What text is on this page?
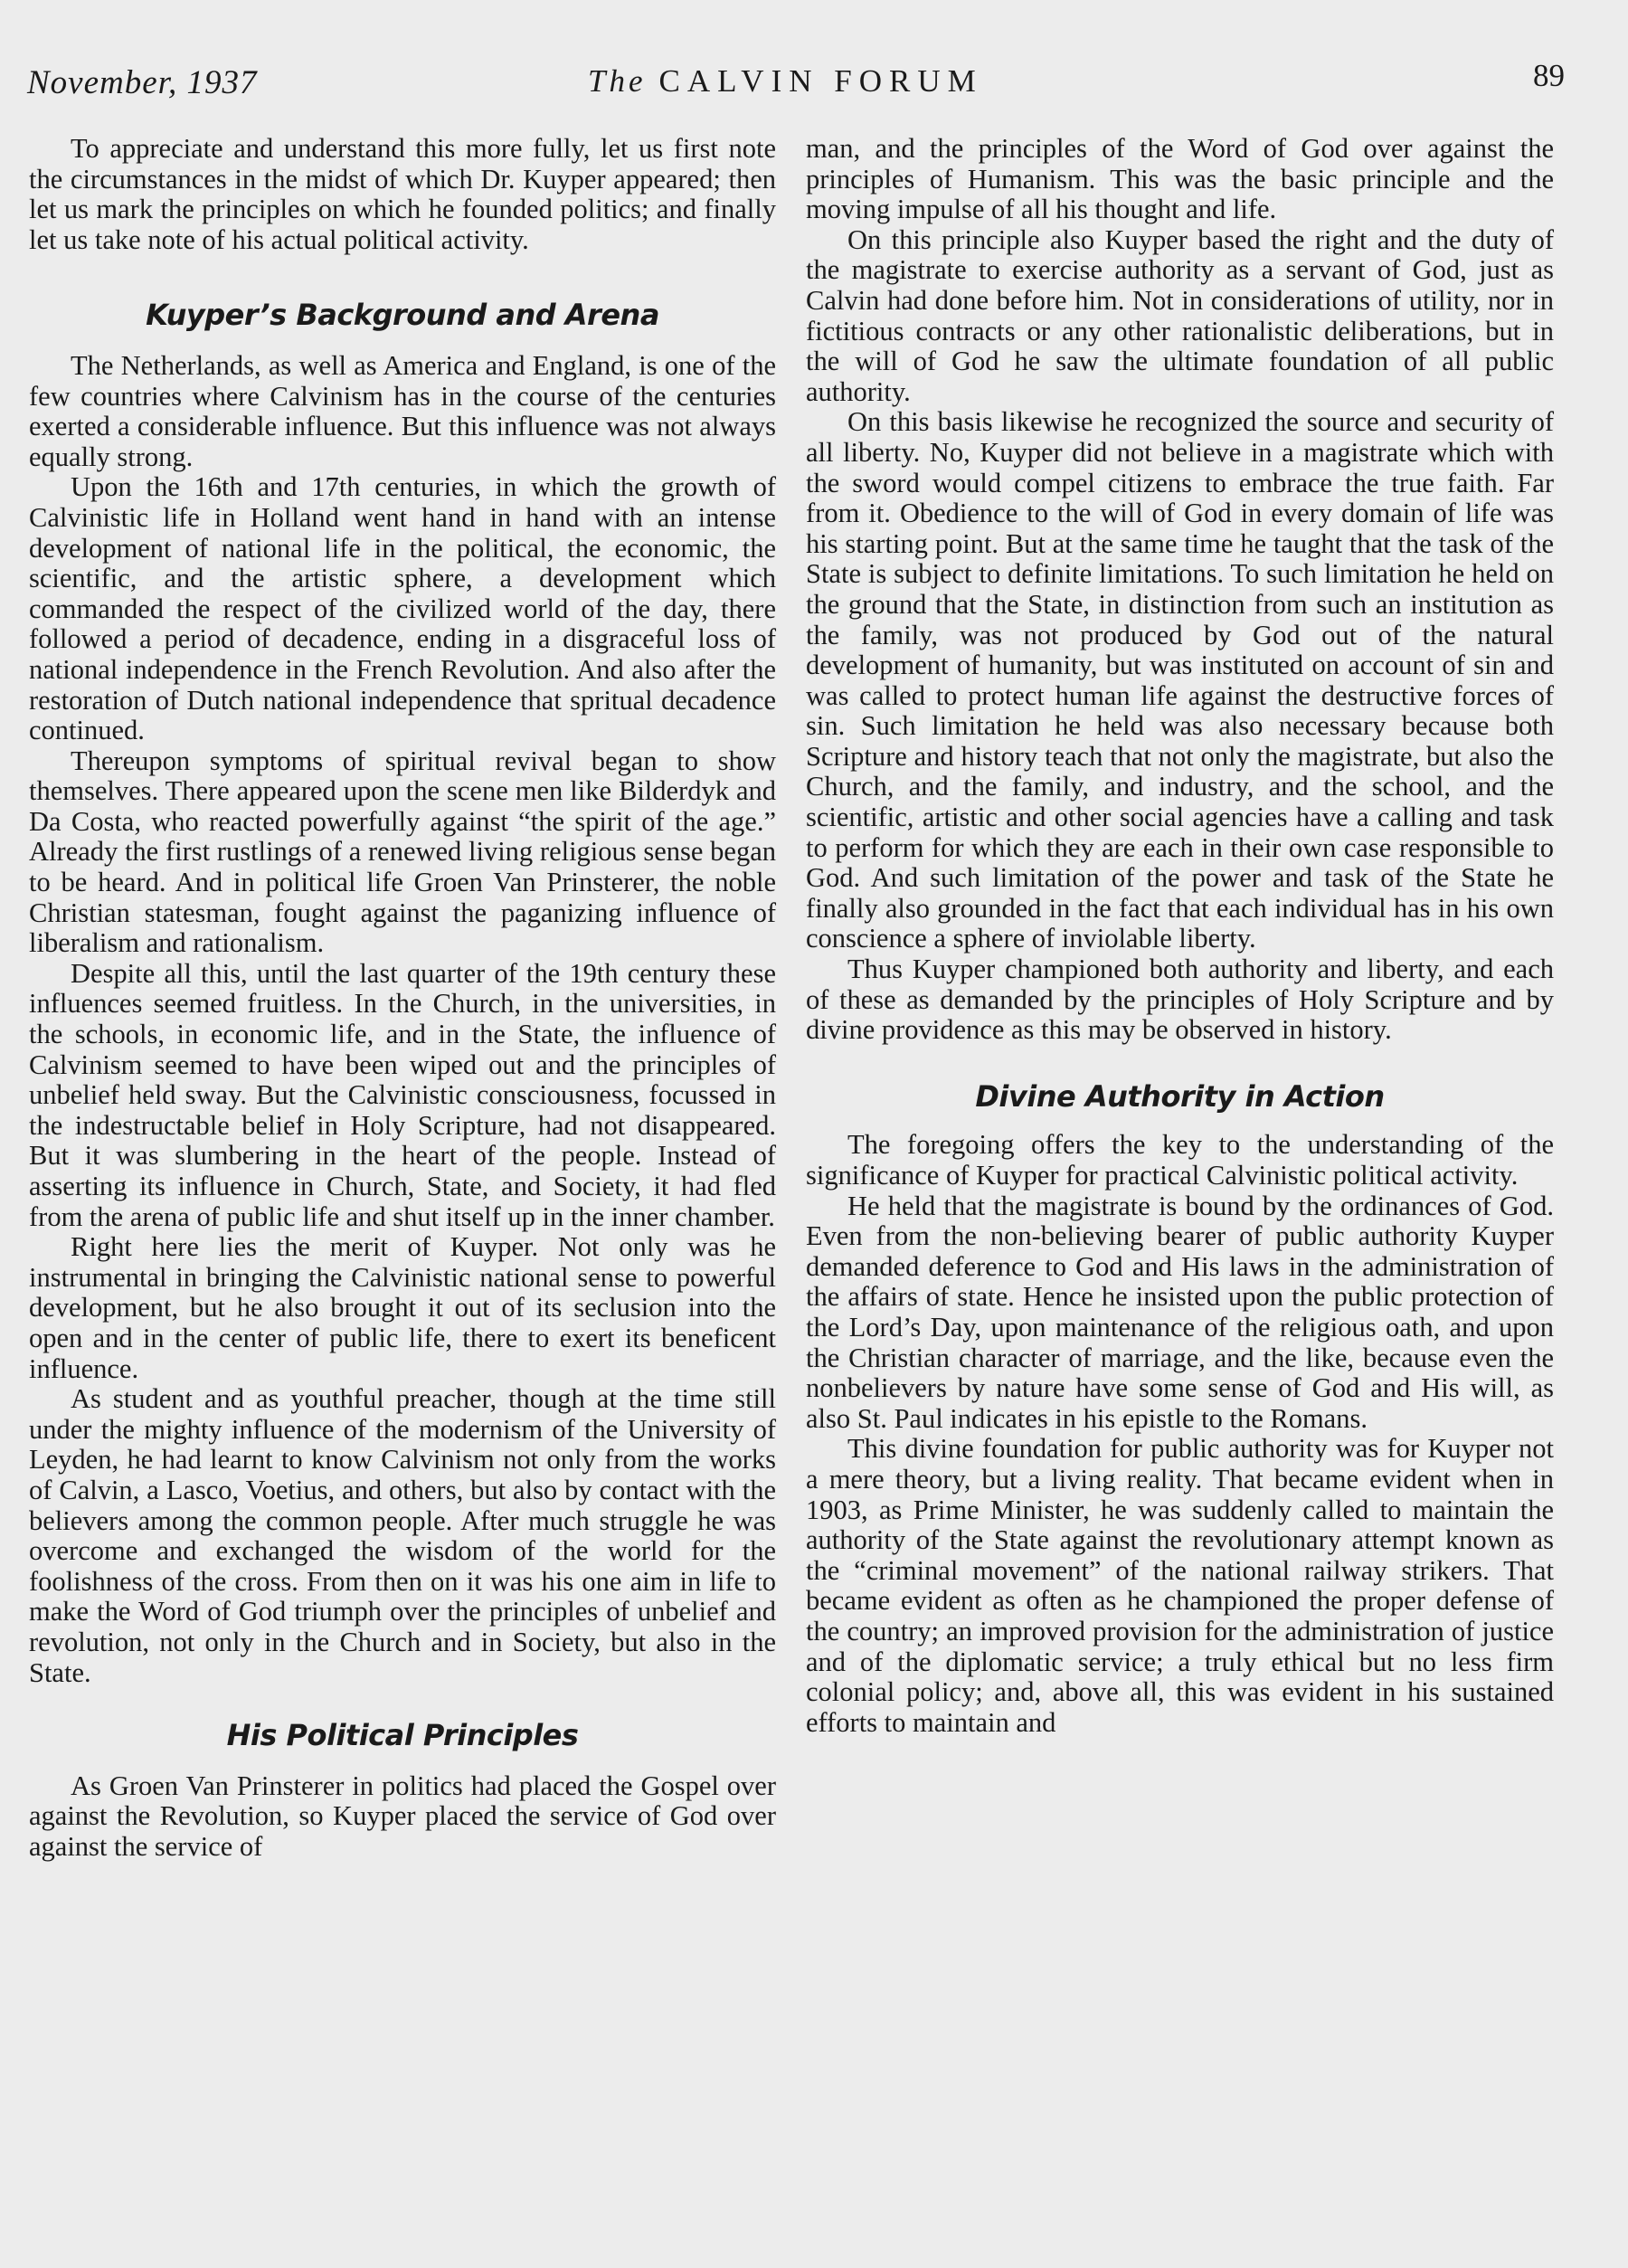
November, 1937	The CALVIN FORUM	89

To appreciate and understand this more fully, let us first note the circumstances in the midst of which Dr. Kuyper appeared; then let us mark the principles on which he founded politics; and finally let us take note of his actual political activity.

Kuyper’s Background and Arena

The Netherlands, as well as America and England, is one of the few countries where Calvinism has in the course of the centuries exerted a considerable influence. But this influence was not always equally strong.

Upon the 16th and 17th centuries, in which the growth of Calvinistic life in Holland went hand in hand with an intense development of national life in the political, the economic, the scientific, and the artistic sphere, a development which commanded the respect of the civilized world of the day, there followed a period of decadence, ending in a disgraceful loss of national independence in the French Revolution. And also after the restoration of Dutch national independence that spritual decadence continued.

Thereupon symptoms of spiritual revival began to show themselves. There appeared upon the scene men like Bilderdyk and Da Costa, who reacted powerfully against “the spirit of the age.” Already the first rustlings of a renewed living religious sense began to be heard. And in political life Groen Van Prinsterer, the noble Christian statesman, fought against the paganizing influence of liberalism and rationalism.

Despite all this, until the last quarter of the 19th century these influences seemed fruitless. In the Church, in the universities, in the schools, in economic life, and in the State, the influence of Calvinism seemed to have been wiped out and the principles of unbelief held sway. But the Calvinistic consciousness, focussed in the indestructable belief in Holy Scripture, had not disappeared. But it was slumbering in the heart of the people. Instead of asserting its influence in Church, State, and Society, it had fled from the arena of public life and shut itself up in the inner chamber.

Right here lies the merit of Kuyper. Not only was he instrumental in bringing the Calvinistic national sense to powerful development, but he also brought it out of its seclusion into the open and in the center of public life, there to exert its beneficent influence.

As student and as youthful preacher, though at the time still under the mighty influence of the modernism of the University of Leyden, he had learnt to know Calvinism not only from the works of Calvin, a Lasco, Voetius, and others, but also by contact with the believers among the common people. After much struggle he was overcome and exchanged the wisdom of the world for the foolishness of the cross. From then on it was his one aim in life to make the Word of God triumph over the principles of unbelief and revolution, not only in the Church and in Society, but also in the State.

His Political Principles

As Groen Van Prinsterer in politics had placed the Gospel over against the Revolution, so Kuyper placed the service of God over against the service of

man, and the principles of the Word of God over against the principles of Humanism. This was the basic principle and the moving impulse of all his thought and life.

On this principle also Kuyper based the right and the duty of the magistrate to exercise authority as a servant of God, just as Calvin had done before him. Not in considerations of utility, nor in fictitious contracts or any other rationalistic deliberations, but in the will of God he saw the ultimate foundation of all public authority.

On this basis likewise he recognized the source and security of all liberty. No, Kuyper did not believe in a magistrate which with the sword would compel citizens to embrace the true faith. Far from it. Obedience to the will of God in every domain of life was his starting point. But at the same time he taught that the task of the State is subject to definite limitations. To such limitation he held on the ground that the State, in distinction from such an institution as the family, was not produced by God out of the natural development of humanity, but was instituted on account of sin and was called to protect human life against the destructive forces of sin. Such limitation he held was also necessary because both Scripture and history teach that not only the magistrate, but also the Church, and the family, and industry, and the school, and the scientific, artistic and other social agencies have a calling and task to perform for which they are each in their own case responsible to God. And such limitation of the power and task of the State he finally also grounded in the fact that each individual has in his own conscience a sphere of inviolable liberty.

Thus Kuyper championed both authority and liberty, and each of these as demanded by the principles of Holy Scripture and by divine providence as this may be observed in history.

Divine Authority in Action

The foregoing offers the key to the understanding of the significance of Kuyper for practical Calvinistic political activity.

He held that the magistrate is bound by the ordinances of God. Even from the non-believing bearer of public authority Kuyper demanded deference to God and His laws in the administration of the affairs of state. Hence he insisted upon the public protection of the Lord’s Day, upon maintenance of the religious oath, and upon the Christian character of marriage, and the like, because even the nonbelievers by nature have some sense of God and His will, as also St. Paul indicates in his epistle to the Romans.

This divine foundation for public authority was for Kuyper not a mere theory, but a living reality. That became evident when in 1903, as Prime Minister, he was suddenly called to maintain the authority of the State against the revolutionary attempt known as the “criminal movement” of the national railway strikers. That became evident as often as he championed the proper defense of the country; an improved provision for the administration of justice and of the diplomatic service; a truly ethical but no less firm colonial policy; and, above all, this was evident in his sustained efforts to maintain and
